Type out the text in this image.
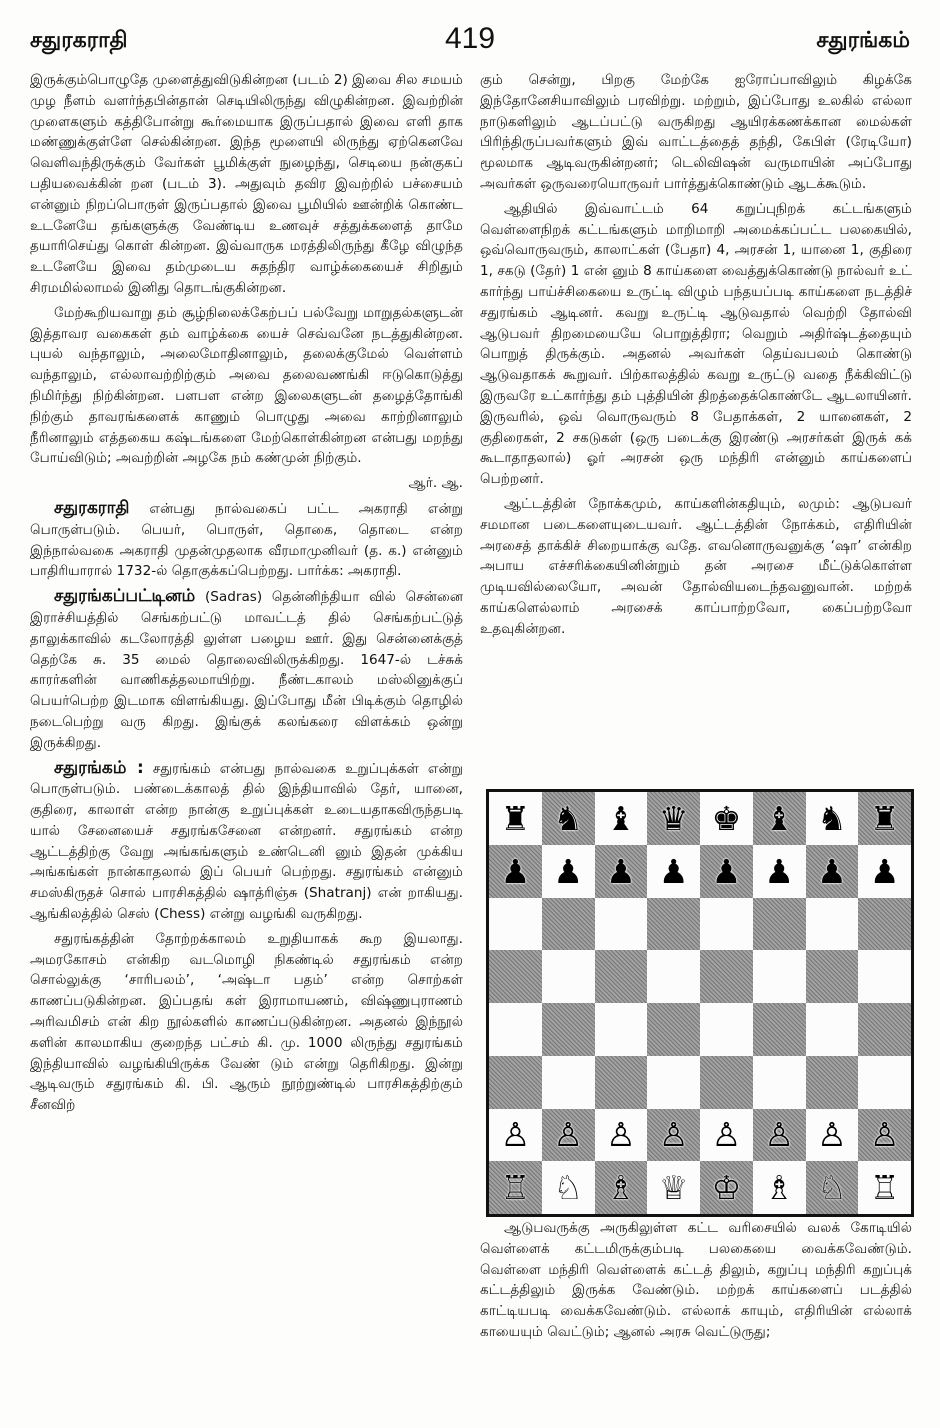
சதுரகராதி	419	சதுரங்கம்

இருக்கும்பொழுதே முளைத்துவிடுகின்றன (படம் 2) இவை சில சமயம் முழ நீளம் வளர்ந்தபின்தான் செடியிலிருந்து விழுகின்றன. இவற்றின் முளைகளும் கத்திபோன்று கூர்மையாக இருப்பதால் இவை எளி தாக மண்ணுக்குள்ளே செல்கின்றன. இந்த மூளையி லிருந்து ஏற்கெனவே வெளிவந்திருக்கும் வேர்கள் பூமிக்குள் நுழைந்து, செடியை நன்குகப் பதியவைக்கின் றன (படம் 3). அதுவும் தவிர இவற்றில் பச்சையம் என்னும் நிறப்பொருள் இருப்பதால் இவை பூமியில் ஊன்றிக் கொண்ட உடனேயே தங்களுக்கு வேண்டிய உணவுச் சத்துக்களைத் தாமே தயாரிசெய்து கொள் கின்றன. இவ்வாருக மரத்திலிருந்து கீழே விழுந்த உடனேயே இவை தம்முடைய சுதந்திர வாழ்க்கையைச் சிறிதும் சிரமமில்லாமல் இனிது தொடங்குகின்றன.

மேற்கூறியவாறு தம் சூழ்நிலைக்கேற்பப் பல்வேறு மாறுதல்களுடன் இத்தாவர வகைகள் தம் வாழ்க்கை யைச் செவ்வனே நடத்துகின்றன. புயல் வந்தாலும், அலைமோதினாலும், தலைக்குமேல் வெள்ளம் வந்தாலும், எல்லாவற்றிற்கும் அவை தலைவணங்கி ஈடுகொடுத்து நிமிர்ந்து நிற்கின்றன. பளபள என்ற இலைகளுடன் தழைத்தோங்கி நிற்கும் தாவரங்களைக் காணும் பொழுது அவை காற்றினாலும் நீரினாலும் எத்தகைய கஷ்டங்களை மேற்கொள்கின்றன என்பது மறந்து போய்விடும்; அவற்றின் அழகே நம் கண்முன் நிற்கும்.

ஆர். ஆ.

சதுரகராதி என்பது நால்வகைப் பட்ட அகராதி என்று பொருள்படும். பெயர், பொருள், தொகை, தொடை என்ற இந்நால்வகை அகராதி முதன்முதலாக வீரமாமுனிவர் (த. க.) என்னும் பாதிரியாரால் 1732-ல் தொகுக்கப்பெற்றது. பார்க்க: அகராதி.

சதுரங்கப்பட்டினம் (Sadras) தென்னிந்தியா வில் சென்னை இராச்சியத்தில் செங்கற்பட்டு மாவட்டத் தில் செங்கற்பட்டுத் தாலுக்காவில் கடலோரத்தி லுள்ள பழைய ஊர். இது சென்னைக்குத் தெற்கே சு. 35 மைல் தொலைவிலிருக்கிறது. 1647-ல் டச்சுக் காரர்களின் வாணிகத்தலமாயிற்று. நீண்டகாலம் மஸ்லினுக்குப் பெயர்பெற்ற இடமாக விளங்கியது. இப்போது மீன் பிடிக்கும் தொழில் நடைபெற்று வரு கிறது. இங்குக் கலங்கரை விளக்கம் ஒன்று இருக்கிறது.

சதுரங்கம் : சதுரங்கம் என்பது நால்வகை உறுப்புக்கள் என்று பொருள்படும். பண்டைக்காலத் தில் இந்தியாவில் தேர், யானை, குதிரை, காலாள் என்ற நான்கு உறுப்புக்கள் உடையதாகவிருந்தபடி யால் சேனையைச் சதுரங்கசேனை என்றனர். சதுரங்கம் என்ற ஆட்டத்திற்கு வேறு அங்கங்களும் உண்டெனி னும் இதன் முக்கிய அங்கங்கள் நான்காதலால் இப் பெயர் பெற்றது. சதுரங்கம் என்னும் சமஸ்கிருதச் சொல் பாரசிகத்தில் ஷாத்ரிஞ்சு (Shatranj) என் றாகியது. ஆங்கிலத்தில் செஸ் (Chess) என்று வழங்கி வருகிறது.

சதுரங்கத்தின் தோற்றக்காலம் உறுதியாகக் கூற இயலாது. அமரகோசம் என்கிற வடமொழி நிகண்டில் சதுரங்கம் என்ற சொல்லுக்கு ‘சாரிபலம்’, ‘அஷ்டா பதம்’ என்ற சொற்கள் காணப்படுகின்றன. இப்பதங் கள் இராமாயணம், விஷ்ணுபுராணம் அரிவமிசம் என் கிற நூல்களில் காணப்படுகின்றன. அதனல் இந்நூல் களின் காலமாகிய குறைந்த பட்சம் கி. மு. 1000 லிருந்து சதுரங்கம் இந்தியாவில் வழங்கியிருக்க வேண் டும் என்று தெரிகிறது. இன்று ஆடிவரும் சதுரங்கம் கி. பி. ஆரும் நூற்றுண்டில் பாரசிகத்திற்கும் சீனவிற்

கும் சென்று, பிறகு மேற்கே ஐரோப்பாவிலும் கிழக்கே இந்தோனேசியாவிலும் பரவிற்று. மற்றும், இப்போது உலகில் எல்லா நாடுகளிலும் ஆடப்பட்டு வருகிறது ஆயிரக்கணக்கான மைல்கள் பிரிந்திருப்பவர்களும் இவ் வாட்டத்தைத் தந்தி, கேபிள் (ரேடியோ) மூலமாக ஆடிவருகின்றனர்; டெலிவிஷன் வருமாயின் அப்போது அவர்கள் ஒருவரையொருவர் பார்த்துக்கொண்டும் ஆடக்கூடும்.

ஆதியில் இவ்வாட்டம் 64 கறுப்புநிறக் கட்டங்களும் வெள்ளைநிறக் கட்டங்களும் மாறிமாறி அமைக்கப்பட்ட பலகையில், ஒவ்வொருவரும், காலாட்கள் (பேதா) 4, அரசன் 1, யானை 1, குதிரை 1, சகடு (தேர்) 1 என் னும் 8 காய்களை வைத்துக்கொண்டு நால்வர் உட் கார்ந்து பாய்ச்சிகையை உருட்டி விழும் பந்தயப்படி காய்களை நடத்திச் சதுரங்கம் ஆடினர். கவறு உருட்டி ஆடுவதால் வெற்றி தோல்வி ஆடுபவர் திறமையையே பொறுத்திரா; வெறும் அதிர்ஷ்டத்தையும் பொறுத் திருக்கும். அதனல் அவர்கள் தெய்வபலம் கொண்டு ஆடுவதாகக் கூறுவர். பிற்காலத்தில் கவறு உருட்டு வதை நீக்கிவிட்டு இருவரே உட்கார்ந்து தம் புத்தியின் திறத்தைக்கொண்டே ஆடலாயினர். இருவரில், ஒவ் வொருவரும் 8 பேதாக்கள், 2 யானைகள், 2 குதிரைகள், 2 சகடுகள் (ஒரு படைக்கு இரண்டு அரசர்கள் இருக் கக் கூடாதாதலால்) ஓர் அரசன் ஒரு மந்திரி என்னும் காய்களைப் பெற்றனர்.

ஆட்டத்தின் நோக்கமும், காய்களின்கதியும், லமும்: ஆடுபவர் சமமான படைகளையுடையவர். ஆட்டத்தின் நோக்கம், எதிரியின் அரசைத் தாக்கிச் சிறையாக்கு வதே. எவனொருவனுக்கு ‘ஷா’ என்கிற அபாய எச்சரிக்கையினின்றும் தன் அரசை மீட்டுக்கொள்ள முடியவில்லையோ, அவன் தோல்வியடைந்தவனுவான். மற்றக் காய்களெல்லாம் அரசைக் காப்பாற்றவோ, கைப்பற்றவோ உதவுகின்றன.

♜ ♞ ♝ ♛ ♚ ♝ ♞ ♜
♟ ♟ ♟ ♟ ♟ ♟ ♟ ♟
♙ ♙ ♙ ♙ ♙ ♙ ♙ ♙
♖ ♘ ♗ ♕ ♔ ♗ ♘ ♖

ஆடுபவருக்கு அருகிலுள்ள கட்ட வரிசையில் வலக் கோடியில் வெள்ளைக் கட்டமிருக்கும்படி பலகையை வைக்கவேண்டும். வெள்ளை மந்திரி வெள்ளைக் கட்டத் திலும், கறுப்பு மந்திரி கறுப்புக் கட்டத்திலும் இருக்க வேண்டும். மற்றக் காய்களைப் படத்தில் காட்டியபடி வைக்கவேண்டும். எல்லாக் காயும், எதிரியின் எல்லாக் காயையும் வெட்டும்; ஆனல் அரசு வெட்டுருது;
